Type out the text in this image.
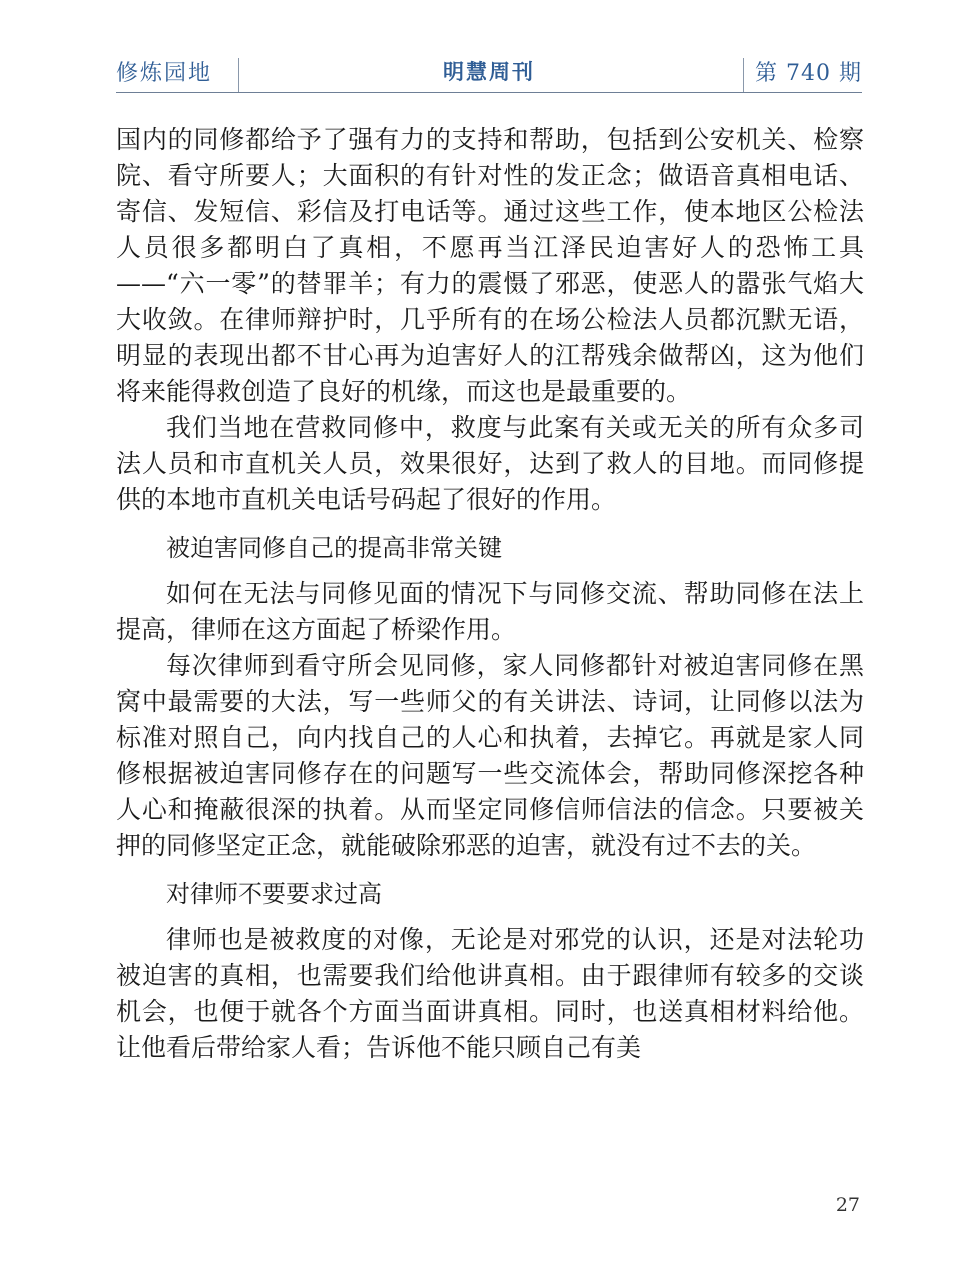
修炼园地	明慧周刊	第 740 期

国内的同修都给予了强有力的支持和帮助，包括到公安机关、检察院、看守所要人；大面积的有针对性的发正念；做语音真相电话、寄信、发短信、彩信及打电话等。通过这些工作，使本地区公检法人员很多都明白了真相，不愿再当江泽民迫害好人的恐怖工具——“六一零”的替罪羊；有力的震慑了邪恶，使恶人的嚣张气焰大大收敛。在律师辩护时，几乎所有的在场公检法人员都沉默无语，明显的表现出都不甘心再为迫害好人的江帮残余做帮凶，这为他们将来能得救创造了良好的机缘，而这也是最重要的。

我们当地在营救同修中，救度与此案有关或无关的所有众多司法人员和市直机关人员，效果很好，达到了救人的目地。而同修提供的本地市直机关电话号码起了很好的作用。

被迫害同修自己的提高非常关键

如何在无法与同修见面的情况下与同修交流、帮助同修在法上提高，律师在这方面起了桥梁作用。

每次律师到看守所会见同修，家人同修都针对被迫害同修在黑窝中最需要的大法，写一些师父的有关讲法、诗词，让同修以法为标准对照自己，向内找自己的人心和执着，去掉它。再就是家人同修根据被迫害同修存在的问题写一些交流体会，帮助同修深挖各种人心和掩蔽很深的执着。从而坚定同修信师信法的信念。只要被关押的同修坚定正念，就能破除邪恶的迫害，就没有过不去的关。

对律师不要要求过高

律师也是被救度的对像，无论是对邪党的认识，还是对法轮功被迫害的真相，也需要我们给他讲真相。由于跟律师有较多的交谈机会，也便于就各个方面当面讲真相。同时，也送真相材料给他。让他看后带给家人看；告诉他不能只顾自己有美

27
